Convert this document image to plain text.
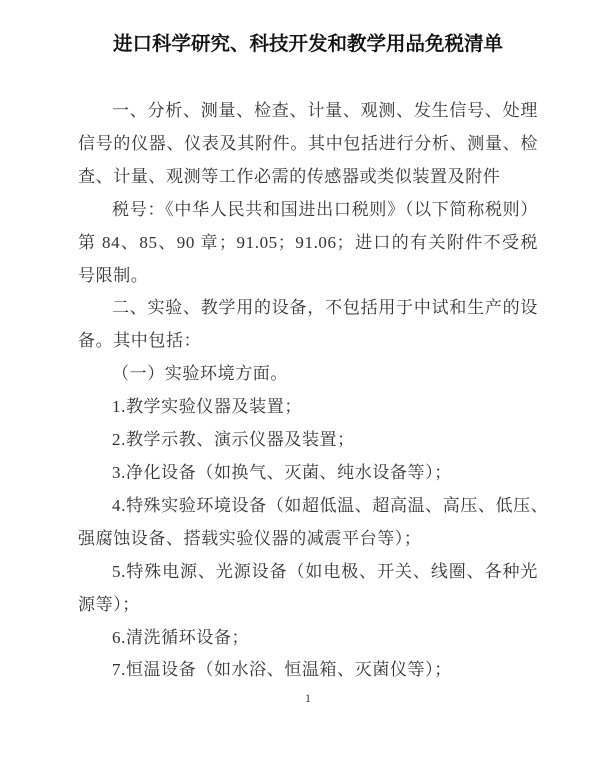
进口科学研究、科技开发和教学用品免税清单
一、分析、测量、检查、计量、观测、发生信号、处理
信号的仪器、仪表及其附件。其中包括进行分析、测量、检
查、计量、观测等工作必需的传感器或类似装置及附件
税号：《中华人民共和国进出口税则》（以下简称税则）
第 84、85、90 章；91.05；91.06；进口的有关附件不受税
号限制。
二、实验、教学用的设备，不包括用于中试和生产的设
备。其中包括：
（一）实验环境方面。
1.教学实验仪器及装置；
2.教学示教、演示仪器及装置；
3.净化设备（如换气、灭菌、纯水设备等）；
4.特殊实验环境设备（如超低温、超高温、高压、低压、
强腐蚀设备、搭载实验仪器的减震平台等）；
5.特殊电源、光源设备（如电极、开关、线圈、各种光
源等）；
6.清洗循环设备；
7.恒温设备（如水浴、恒温箱、灭菌仪等）；
1
